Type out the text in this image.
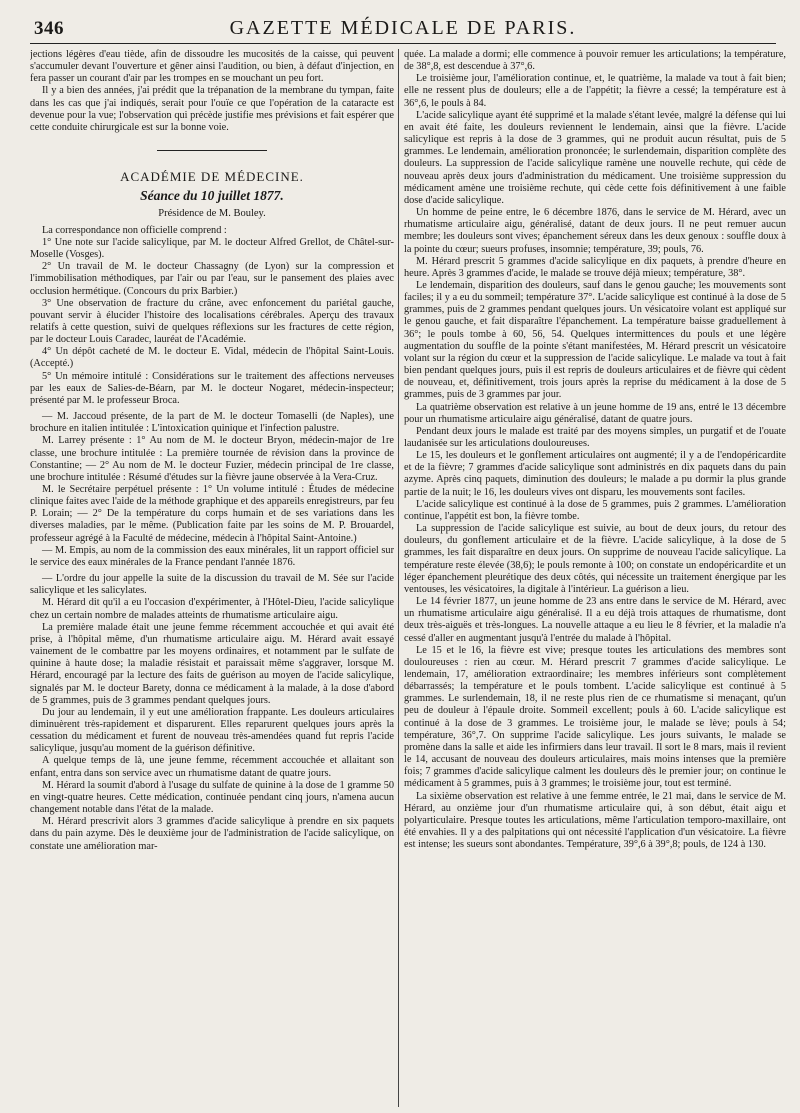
346	GAZETTE MÉDICALE DE PARIS.

jections légères d'eau tiède, afin de dissoudre les mucosités de la caisse, qui peuvent s'accumuler devant l'ouverture et gêner ainsi l'audition, ou bien, à défaut d'injection, en fera passer un courant d'air par les trompes en se mouchant un peu fort.

Il y a bien des années, j'ai prédit que la trépanation de la membrane du tympan, faite dans les cas que j'ai indiqués, serait pour l'ouïe ce que l'opération de la cataracte est devenue pour la vue; l'observation qui précède justifie mes prévisions et fait espérer que cette conduite chirurgicale est sur la bonne voie.

ACADÉMIE DE MÉDECINE.
Séance du 10 juillet 1877.
Présidence de M. Bouley.

La correspondance non officielle comprend :

1° Une note sur l'acide salicylique, par M. le docteur Alfred Grellot, de Châtel-sur-Moselle (Vosges).

2° Un travail de M. le docteur Chassagny (de Lyon) sur la compression et l'immobilisation méthodiques, par l'air ou par l'eau, sur le pansement des plaies avec occlusion hermétique. (Concours du prix Barbier.)

3° Une observation de fracture du crâne, avec enfoncement du pariétal gauche, pouvant servir à élucider l'histoire des localisations cérébrales. Aperçu des travaux relatifs à cette question, suivi de quelques réflexions sur les fractures de cette région, par le docteur Louis Caradec, lauréat de l'Académie.

4° Un dépôt cacheté de M. le docteur E. Vidal, médecin de l'hôpital Saint-Louis. (Accepté.)

5° Un mémoire intitulé : Considérations sur le traitement des affections nerveuses par les eaux de Salies-de-Béarn, par M. le docteur Nogaret, médecin-inspecteur; présenté par M. le professeur Broca.

— M. Jaccoud présente, de la part de M. le docteur Tomaselli (de Naples), une brochure en italien intitulée : L'intoxication quinique et l'infection palustre.

M. Larrey présente : 1° Au nom de M. le docteur Bryon, médecin-major de 1re classe, une brochure intitulée : La première tournée de révision dans la province de Constantine; — 2° Au nom de M. le docteur Fuzier, médecin principal de 1re classe, une brochure intitulée : Résumé d'études sur la fièvre jaune observée à la Vera-Cruz.

M. le Secrétaire perpétuel présente : 1° Un volume intitulé : Études de médecine clinique faites avec l'aide de la méthode graphique et des appareils enregistreurs, par feu P. Lorain; — 2° De la température du corps humain et de ses variations dans les diverses maladies, par le même. (Publication faite par les soins de M. P. Brouardel, professeur agrégé à la Faculté de médecine, médecin à l'hôpital Saint-Antoine.)

— M. Empis, au nom de la commission des eaux minérales, lit un rapport officiel sur le service des eaux minérales de la France pendant l'année 1876.

— L'ordre du jour appelle la suite de la discussion du travail de M. Sée sur l'acide salicylique et les salicylates.

M. Hérard dit qu'il a eu l'occasion d'expérimenter, à l'Hôtel-Dieu, l'acide salicylique chez un certain nombre de malades atteints de rhumatisme articulaire aigu.

La première malade était une jeune femme récemment accouchée et qui avait été prise, à l'hôpital même, d'un rhumatisme articulaire aigu. M. Hérard avait essayé vainement de le combattre par les moyens ordinaires, et notamment par le sulfate de quinine à haute dose; la maladie résistait et paraissait même s'aggraver, lorsque M. Hérard, encouragé par la lecture des faits de guérison au moyen de l'acide salicylique, signalés par M. le docteur Barety, donna ce médicament à la malade, à la dose d'abord de 5 grammes, puis de 3 grammes pendant quelques jours.

Du jour au lendemain, il y eut une amélioration frappante. Les douleurs articulaires diminuèrent très-rapidement et disparurent. Elles reparurent quelques jours après la cessation du médicament et furent de nouveau très-amendées quand fut repris l'acide salicylique, jusqu'au moment de la guérison définitive.

A quelque temps de là, une jeune femme, récemment accouchée et allaitant son enfant, entra dans son service avec un rhumatisme datant de quatre jours.

M. Hérard la soumit d'abord à l'usage du sulfate de quinine à la dose de 1 gramme 50 en vingt-quatre heures. Cette médication, continuée pendant cinq jours, n'amena aucun changement notable dans l'état de la malade.

M. Hérard prescrivit alors 3 grammes d'acide salicylique à prendre en six paquets dans du pain azyme. Dès le deuxième jour de l'administration de l'acide salicylique, on constate une amélioration mar-

quée. La malade a dormi; elle commence à pouvoir remuer les articulations; la température, de 38°,8, est descendue à 37°,6.

Le troisième jour, l'amélioration continue, et, le quatrième, la malade va tout à fait bien; elle ne ressent plus de douleurs; elle a de l'appétit; la fièvre a cessé; la température est à 36°,6, le pouls à 84.

L'acide salicylique ayant été supprimé et la malade s'étant levée, malgré la défense qui lui en avait été faite, les douleurs reviennent le lendemain, ainsi que la fièvre. L'acide salicylique est repris à la dose de 3 grammes, qui ne produit aucun résultat, puis de 5 grammes. Le lendemain, amélioration prononcée; le surlendemain, disparition complète des douleurs. La suppression de l'acide salicylique ramène une nouvelle rechute, qui cède de nouveau après deux jours d'administration du médicament. Une troisième suppression du médicament amène une troisième rechute, qui cède cette fois définitivement à une faible dose d'acide salicylique.

Un homme de peine entre, le 6 décembre 1876, dans le service de M. Hérard, avec un rhumatisme articulaire aigu, généralisé, datant de deux jours. Il ne peut remuer aucun membre; les douleurs sont vives; épanchement séreux dans les deux genoux : souffle doux à la pointe du cœur; sueurs profuses, insomnie; température, 39; pouls, 76.

M. Hérard prescrit 5 grammes d'acide salicylique en dix paquets, à prendre d'heure en heure. Après 3 grammes d'acide, le malade se trouve déjà mieux; température, 38°.

Le lendemain, disparition des douleurs, sauf dans le genou gauche; les mouvements sont faciles; il y a eu du sommeil; température 37°. L'acide salicylique est continué à la dose de 5 grammes, puis de 2 grammes pendant quelques jours. Un vésicatoire volant est appliqué sur le genou gauche, et fait disparaître l'épanchement. La température baisse graduellement à 36°; le pouls tombe à 60, 56, 54. Quelques intermittences du pouls et une légère augmentation du souffle de la pointe s'étant manifestées, M. Hérard prescrit un vésicatoire volant sur la région du cœur et la suppression de l'acide salicylique. Le malade va tout à fait bien pendant quelques jours, puis il est repris de douleurs articulaires et de fièvre qui cèdent de nouveau, et, définitivement, trois jours après la reprise du médicament à la dose de 5 grammes, puis de 3 grammes par jour.

La quatrième observation est relative à un jeune homme de 19 ans, entré le 13 décembre pour un rhumatisme articulaire aigu généralisé, datant de quatre jours.

Pendant deux jours le malade est traité par des moyens simples, un purgatif et de l'ouate laudanisée sur les articulations douloureuses.

Le 15, les douleurs et le gonflement articulaires ont augmenté; il y a de l'endopéricardite et de la fièvre; 7 grammes d'acide salicylique sont administrés en dix paquets dans du pain azyme. Après cinq paquets, diminution des douleurs; le malade a pu dormir la plus grande partie de la nuit; le 16, les douleurs vives ont disparu, les mouvements sont faciles.

L'acide salicylique est continué à la dose de 5 grammes, puis 2 grammes. L'amélioration continue, l'appétit est bon, la fièvre tombe.

La suppression de l'acide salicylique est suivie, au bout de deux jours, du retour des douleurs, du gonflement articulaire et de la fièvre. L'acide salicylique, à la dose de 5 grammes, les fait disparaître en deux jours. On supprime de nouveau l'acide salicylique. La température reste élevée (38,6); le pouls remonte à 100; on constate un endopéricardite et un léger épanchement pleurétique des deux côtés, qui nécessite un traitement énergique par les ventouses, les vésicatoires, la digitale à l'intérieur. La guérison a lieu.

Le 14 février 1877, un jeune homme de 23 ans entre dans le service de M. Hérard, avec un rhumatisme articulaire aigu généralisé. Il a eu déjà trois attaques de rhumatisme, dont deux très-aiguës et très-longues. La nouvelle attaque a eu lieu le 8 février, et la maladie n'a cessé d'aller en augmentant jusqu'à l'entrée du malade à l'hôpital.

Le 15 et le 16, la fièvre est vive; presque toutes les articulations des membres sont douloureuses : rien au cœur. M. Hérard prescrit 7 grammes d'acide salicylique. Le lendemain, 17, amélioration extraordinaire; les membres inférieurs sont complètement débarrassés; la température et le pouls tombent. L'acide salicylique est continué à 5 grammes. Le surlendemain, 18, il ne reste plus rien de ce rhumatisme si menaçant, qu'un peu de douleur à l'épaule droite. Sommeil excellent; pouls à 60. L'acide salicylique est continué à la dose de 3 grammes. Le troisième jour, le malade se lève; pouls à 54; température, 36°,7. On supprime l'acide salicylique. Les jours suivants, le malade se promène dans la salle et aide les infirmiers dans leur travail. Il sort le 8 mars, mais il revient le 14, accusant de nouveau des douleurs articulaires, mais moins intenses que la première fois; 7 grammes d'acide salicylique calment les douleurs dès le premier jour; on continue le médicament à 5 grammes, puis à 3 grammes; le troisième jour, tout est terminé.

La sixième observation est relative à une femme entrée, le 21 mai, dans le service de M. Hérard, au onzième jour d'un rhumatisme articulaire qui, à son début, était aigu et polyarticulaire. Presque toutes les articulations, même l'articulation temporo-maxillaire, ont été envahies. Il y a des palpitations qui ont nécessité l'application d'un vésicatoire. La fièvre est intense; les sueurs sont abondantes. Température, 39°,6 à 39°,8; pouls, de 124 à 130.
